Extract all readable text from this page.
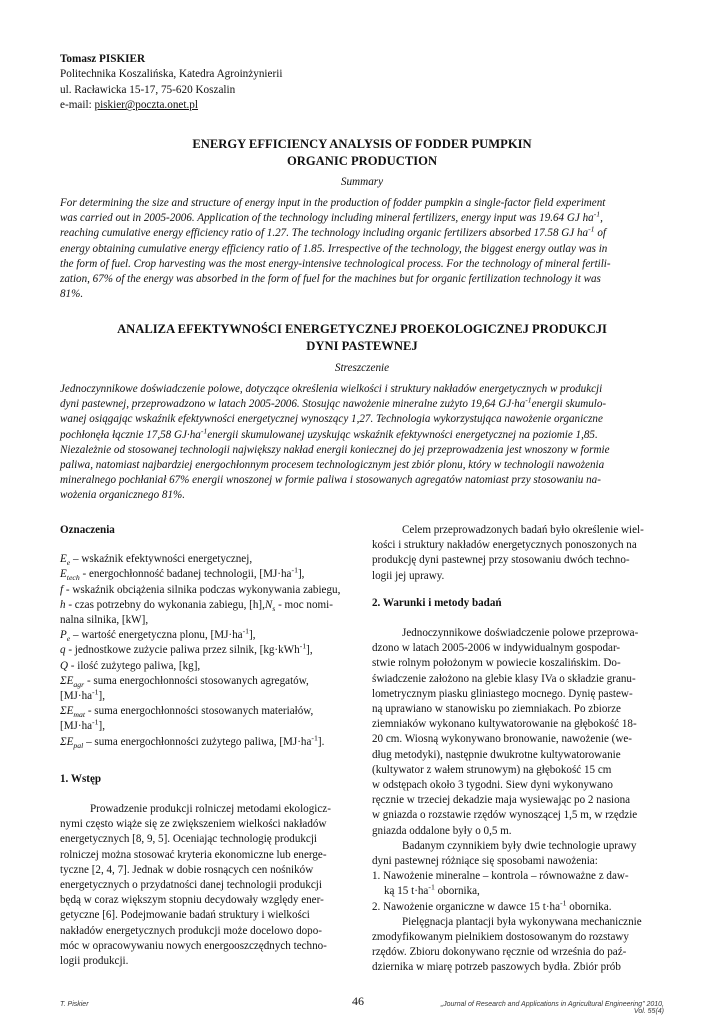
Tomasz PISKIER
Politechnika Koszalińska, Katedra Agroinżynierii
ul. Racławicka 15-17, 75-620 Koszalin
e-mail: piskier@poczta.onet.pl
ENERGY EFFICIENCY ANALYSIS OF FODDER PUMPKIN
ORGANIC PRODUCTION
Summary
For determining the size and structure of energy input in the production of fodder pumpkin a single-factor field experiment
was carried out in 2005-2006. Application of the technology including mineral fertilizers, energy input was 19.64 GJ $ha^{-1}$,
reaching cumulative energy efficiency ratio of 1.27. The technology including organic fertilizers absorbed 17.58 GJ $ha^{-1}$ of
energy obtaining cumulative energy efficiency ratio of 1.85. Irrespective of the technology, the biggest energy outlay was in
the form of fuel. Crop harvesting was the most energy-intensive technological process. For the technology of mineral fertili-
zation, 67% of the energy was absorbed in the form of fuel for the machines but for organic fertilization technology it was
81%.
ANALIZA EFEKTYWNOŚCI ENERGETYCZNEJ PROEKOLOGICZNEJ PRODUKCJI
DYNI PASTEWNEJ
Streszczenie
Jednoczynnikowe doświadczenie polowe, dotyczące określenia wielkości i struktury nakładów energetycznych w produkcji
dyni pastewnej, przeprowadzono w latach 2005-2006. Stosując nawożenie mineralne zużyto 19,64 $GJ\cdot ha^{-1}energii$ skumulo-
wanej osiągając wskaźnik efektywności energetycznej wynoszący 1,27. Technologia wykorzystująca nawożenie organiczne
pochłonęła łącznie 17,58 $GJ\cdot ha^{-1}energii$ skumulowanej uzyskując wskaźnik efektywności energetycznej na poziomie 1,85.
Niezależnie od stosowanej technologii największy nakład energii koniecznej do jej przeprowadzenia jest wnoszony w formie
paliwa, natomiast najbardziej energochłonnym procesem technologicznym jest zbiór plonu, który w technologii nawożenia
mineralnego pochłaniał 67% energii wnoszonej w formie paliwa i stosowanych agregatów natomiast przy stosowaniu na-
wożenia organicznego 81%.

Oznaczenia

$E_e$ – wskaźnik efektywności energetycznej,
$E_{tech}$ - energochłonność badanej technologii, $[MJ\cdot ha^{-1}]$,
f - wskaźnik obciążenia silnika podczas wykonywania zabiegu,
h - czas potrzebny do wykonania zabiegu, $[h],N_s$ - moc nomi-
nalna silnika, [kW],
$P_e$ – wartość energetyczna plonu, $[MJ\cdot ha^{-1}]$,
q - jednostkowe zużycie paliwa przez silnik, [kg·kWh$^{-1}$],
Q - ilość zużytego paliwa, [kg],
$\Sigma E_{agr}$ - suma energochłonności stosowanych agregatów,
$[MJ\cdot ha^{-1}]$,
$\Sigma E_{mat}$ - suma energochłonności stosowanych materiałów,
$[MJ\cdot ha^{-1}]$,
$\Sigma E_{pal}$ – suma energochłonności zużytego paliwa, $[MJ\cdot ha^{-1}]$.

1. Wstęp

Prowadzenie produkcji rolniczej metodami ekologicz-
nymi często wiąże się ze zwiększeniem wielkości nakładów
energetycznych [8, 9, 5]. Oceniając technologię produkcji
rolniczej można stosować kryteria ekonomiczne lub energe-
tyczne [2, 4, 7]. Jednak w dobie rosnących cen nośników
energetycznych o przydatności danej technologii produkcji
będą w coraz większym stopniu decydowały względy ener-
getyczne [6]. Podejmowanie badań struktury i wielkości
nakładów energetycznych produkcji może docelowo dopo-
móc w opracowywaniu nowych energooszczędnych techno-
logii produkcji.
Celem przeprowadzonych badań było określenie wiel-
kości i struktury nakładów energetycznych ponoszonych na
produkcję dyni pastewnej przy stosowaniu dwóch techno-
logii jej uprawy.

2. Warunki i metody badań

Jednoczynnikowe doświadczenie polowe przeprowa-
dzono w latach 2005-2006 w indywidualnym gospodar-
stwie rolnym położonym w powiecie koszalińskim. Do-
świadczenie założono na glebie klasy IVa o składzie granu-
lometrycznym piasku gliniastego mocnego. Dynię pastew-
ną uprawiano w stanowisku po ziemniakach. Po zbiorze
ziemniaków wykonano kultywatorowanie na głębokość 18-
20 cm. Wiosną wykonywano bronowanie, nawożenie (we-
dług metodyki), następnie dwukrotne kultywatorowanie
(kultywator z wałem strunowym) na głębokość 15 cm
w odstępach około 3 tygodni. Siew dyni wykonywano
ręcznie w trzeciej dekadzie maja wysiewając po 2 nasiona
w gniazda o rozstawie rzędów wynoszącej 1,5 m, w rzędzie
gniazda oddalone były o 0,5 m.
Badanym czynnikiem były dwie technologie uprawy
dyni pastewnej różniące się sposobami nawożenia:
1. Nawożenie mineralne – kontrola – równoważne z daw-
ką 15 $t\cdot ha^{-1}$ obornika,
2. Nawożenie organiczne w dawce 15 $t\cdot ha^{-1}$ obornika.
Pielęgnacja plantacji była wykonywana mechanicznie
zmodyfikowanym pielnikiem dostosowanym do rozstawy
rzędów. Zbioru dokonywano ręcznie od września do paź-
dziernika w miarę potrzeb paszowych bydła. Zbiór prób
T. Piskier	46	„Journal of Research and Applications in Agricultural Engineering” 2010, Vol. 55(4)
